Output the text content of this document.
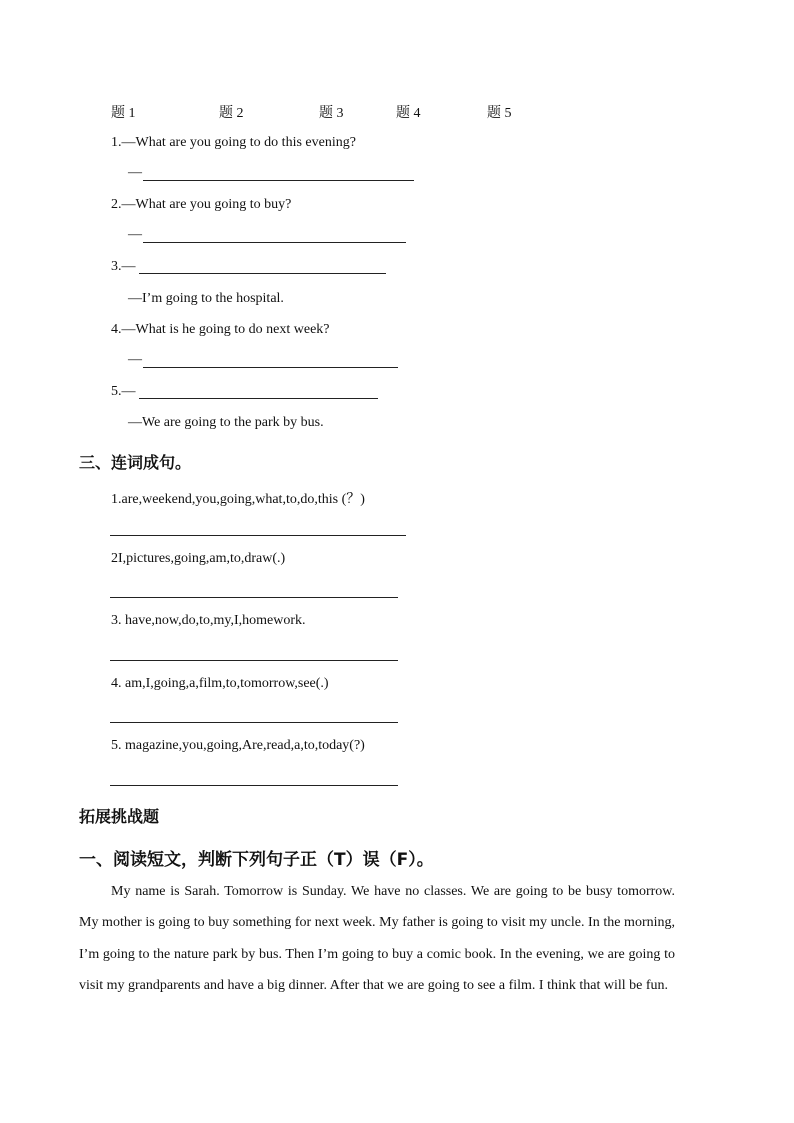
题 1	题 2	题 3	题 4	题 5
1.—What are you going to do this evening?
—
2.—What are you going to buy?
—
3.—
—I’m going to the hospital.
4.—What is he going to do next week?
—
5.—
—We are going to the park by bus.
三、连词成句。
1.are,weekend,you,going,what,to,do,this (？)
2I,pictures,going,am,to,draw(.)
3. have,now,do,to,my,I,homework.
4. am,I,going,a,film,to,tomorrow,see(.)
5. magazine,you,going,Are,read,a,to,today(?)
拓展挑战题
一、阅读短文，判断下列句子正（T）误（F）。
My name is Sarah. Tomorrow is Sunday. We have no classes. We are going to be busy tomorrow. My mother is going to buy something for next week. My father is going to visit my uncle. In the morning, I’m going to the nature park by bus. Then I’m going to buy a comic book. In the evening, we are going to visit my grandparents and have a big dinner. After that we are going to see a film. I think that will be fun.
